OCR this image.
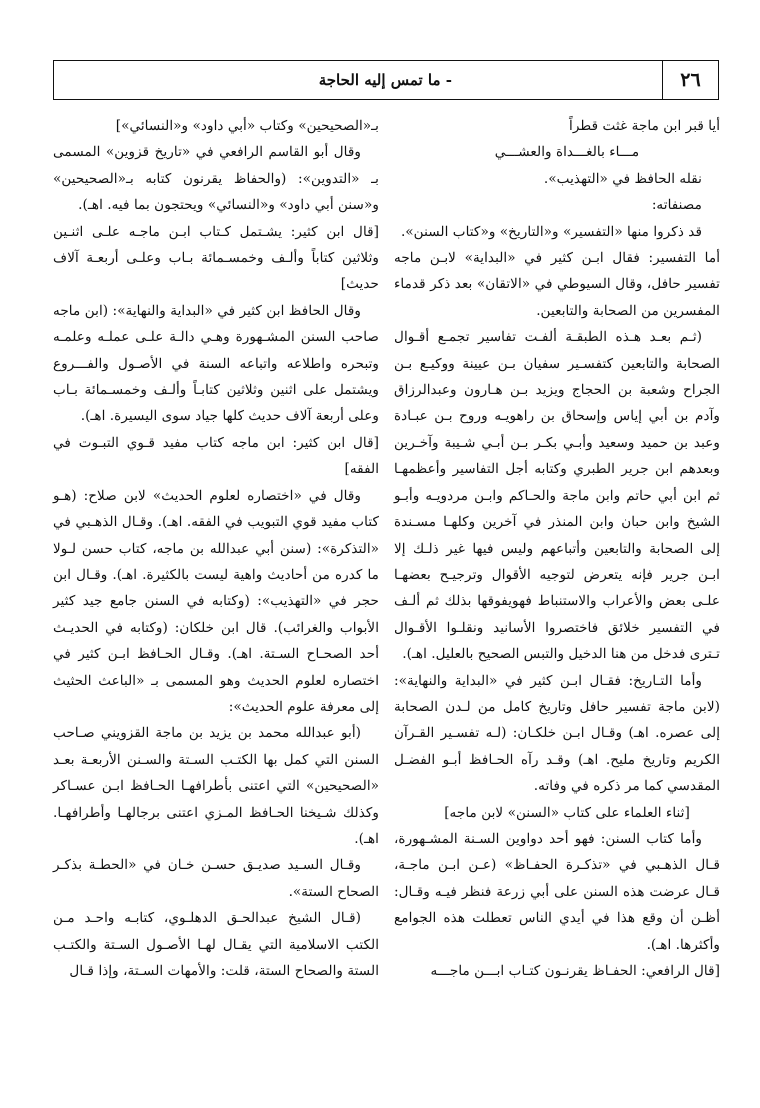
٢٦
- ما تمس إليه الحاجة

أيا قبر ابن ماجة غثت قطراً

مـــاء بالغـــداة والعشـــي

نقله الحافظ في «التهذيب».

مصنفاته:

قد ذكروا منها «التفسير» و«التاريخ» و«كتاب السنن».

أما التفسير: فقال ابـن كثير في «البداية» لابـن ماجه تفسير حافل، وقال السيوطي في «الاتقان» بعد ذكر قدماء المفسرين من الصحابة والتابعين.

(ثـم بعـد هـذه الطبقـة ألفـت تفاسير تجمـع أقـوال الصحابة والتابعين كتفسـير سفيان بـن عيينة ووكيـع بـن الجراح وشعبة بن الحجاج ويزيد بـن هـارون وعبدالرزاق وآدم بن أبي إياس وإسحاق بن راهويـه وروح بـن عبـادة وعبد بن حميد وسعيد وأبـي بكـر بـن أبـي شـيبة وآخـرين وبعدهم ابن جرير الطبري وكتابه أجل التفاسير وأعظمهـا ثم ابن أبي حاتم وابن ماجة والحـاكم وابـن مردويـه وأبـو الشيخ وابن حبان وابن المنذر في آخرين وكلهـا مسـندة إلى الصحابة والتابعين وأتباعهم وليس فيها غير ذلـك إلا ابـن جرير فإنه يتعرض لتوجيه الأقوال وترجيـح بعضهـا علـى بعض والأعراب والاستنباط فهويفوقها بذلك ثم ألـف في التفسير خلائق فاختصروا الأسانيد ونقلـوا الأقـوال تـترى فدخل من هنا الدخيل والتبس الصحيح بالعليل. اهـ).

وأما التـاريخ: فقـال ابـن كثير في «البداية والنهاية»: (لابن ماجة تفسير حافل وتاريخ كامل من لـدن الصحابة إلى عصره. اهـ) وقـال ابـن خلكـان: (لـه تفسـير القـرآن الكريم وتاريخ مليح. اهـ) وقـد رآه الحـافظ أبـو الفضـل المقدسي كما مر ذكره في وفاته.

[ثناء العلماء على كتاب «السنن» لابن ماجه]

وأما كتاب السنن: فهو أحد دواوين السـنة المشـهورة، قـال الذهـبي في «تذكـرة الحفـاظ» (عـن ابـن ماجـة، قـال عرضت هذه السنن على أبي زرعة فنظر فيـه وقـال: أظـن أن وقع هذا في أيدي الناس تعطلت هذه الجوامع وأكثرها. اهـ).

[قال الرافعي: الحفـاظ يقرنـون كتـاب ابـــن ماجـــه

بـ«الصحيحين» وكتاب «أبي داود» و«النسائي»]

وقال أبو القاسم الرافعي في «تاريخ قزوين» المسمى بـ «التدوين»: (والحفاظ يقرنون كتابه بـ«الصحيحين» و«سنن أبي داود» و«النسائي» ويحتجون بما فيه. اهـ).

[قال ابن كثير: يشـتمل كـتاب ابـن ماجـه علـى اثنـين وثلاثين كتاباً وألـف وخمسـمائة بـاب وعلـى أربعـة آلاف حديث]

وقال الحافظ ابن كثير في «البداية والنهاية»: (ابن ماجه صاحب السنن المشـهورة وهـي دالـة علـى عملـه وعلمـه وتبحره واطلاعه واتباعه السنة في الأصـول والفـــروع ويشتمل على اثنين وثلاثين كتابـاً وألـف وخمسـمائة بـاب وعلى أربعة آلاف حديث كلها جياد سوى اليسيرة. اهـ).

[قال ابن كثير: ابن ماجه كتاب مفيد قـوي التبـوت في الفقه]

وقال في «اختصاره لعلوم الحديث» لابن صلاح: (هـو كتاب مفيد قوي التبويب في الفقه. اهـ). وقـال الذهـبي في «التذكرة»: (سنن أبي عبدالله بن ماجه، كتاب حسن لـولا ما كدره من أحاديث واهية ليست بالكثيرة. اهـ). وقـال ابن حجر في «التهذيب»: (وكتابه في السنن جامع جيد كثير الأبواب والغرائب). قال ابن خلكان: (وكتابه في الحديـث أحد الصحـاح السـتة. اهـ). وقـال الحـافظ ابـن كثير في اختصاره لعلوم الحديث وهو المسمى بـ «الباعث الحثيث إلى معرفة علوم الحديث»:

(أبو عبدالله محمد بن يزيد بن ماجة القزويني صـاحب السنن التي كمل بها الكتـب السـتة والسـنن الأربعـة بعـد «الصحيحين» التي اعتنى بأطرافهـا الحـافظ ابـن عسـاكر وكذلك شـيخنا الحـافظ المـزي اعتنى برجالهـا وأطرافهـا. اهـ).

وقـال السـيد صديـق حسـن خـان في «الحطـة بذكـر الصحاح الستة».

(قـال الشيخ عبدالحـق الدهلـوي، كتابـه واحـد مـن الكتب الاسلامية التي يقـال لهـا الأصـول السـتة والكتـب الستة والصحاح الستة، قلت: والأمهات السـتة، وإذا قـال
